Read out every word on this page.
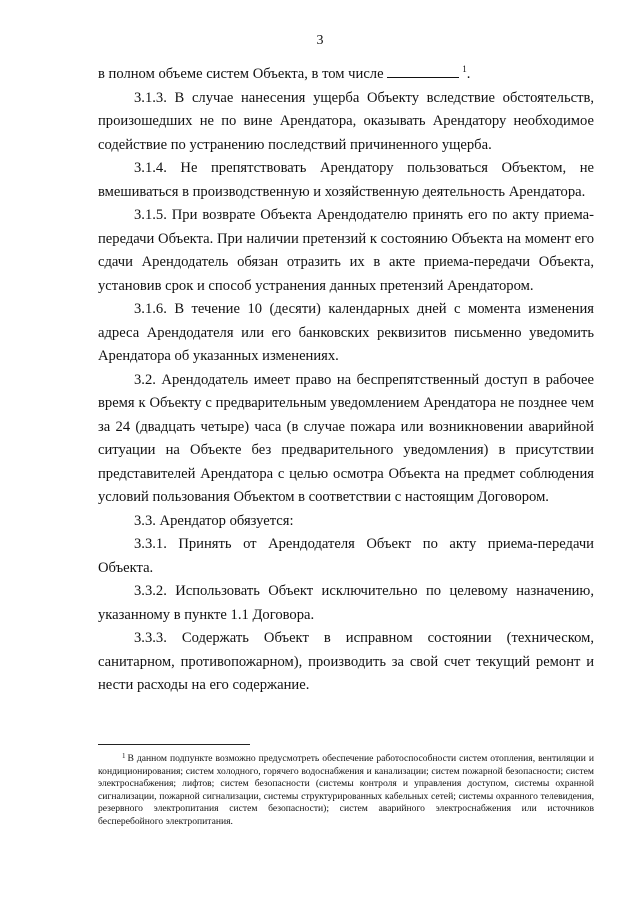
3

в полном объеме систем Объекта, в том числе	$^1$.

3.1.3. В случае нанесения ущерба Объекту вследствие обстоятельств, произошедших не по вине Арендатора, оказывать Арендатору необходимое содействие по устранению последствий причиненного ущерба.

3.1.4. Не препятствовать Арендатору пользоваться Объектом, не вмешиваться в производственную и хозяйственную деятельность Арендатора.

3.1.5. При возврате Объекта Арендодателю принять его по акту приема-передачи Объекта. При наличии претензий к состоянию Объекта на момент его сдачи Арендодатель обязан отразить их в акте приема-передачи Объекта, установив срок и способ устранения данных претензий Арендатором.

3.1.6. В течение 10 (десяти) календарных дней с момента изменения адреса Арендодателя или его банковских реквизитов письменно уведомить Арендатора об указанных изменениях.

3.2. Арендодатель имеет право на беспрепятственный доступ в рабочее время к Объекту с предварительным уведомлением Арендатора не позднее чем за 24 (двадцать четыре) часа (в случае пожара или возникновении аварийной ситуации на Объекте без предварительного уведомления) в присутствии представителей Арендатора с целью осмотра Объекта на предмет соблюдения условий пользования Объектом в соответствии с настоящим Договором.

3.3. Арендатор обязуется:

3.3.1. Принять от Арендодателя Объект по акту приема-передачи Объекта.

3.3.2. Использовать Объект исключительно по целевому назначению, указанному в пункте 1.1 Договора.

3.3.3. Содержать Объект в исправном состоянии (техническом, санитарном, противопожарном), производить за свой счет текущий ремонт и нести расходы на его содержание.

$^1$ В данном подпункте возможно предусмотреть обеспечение работоспособности систем отопления, вентиляции и кондиционирования; систем холодного, горячего водоснабжения и канализации; систем пожарной безопасности; систем электроснабжения; лифтов; систем безопасности (системы контроля и управления доступом, системы охранной сигнализации, пожарной сигнализации, системы структурированных кабельных сетей; системы охранного телевидения, резервного электропитания систем безопасности); систем аварийного электроснабжения или источников бесперебойного электропитания.
